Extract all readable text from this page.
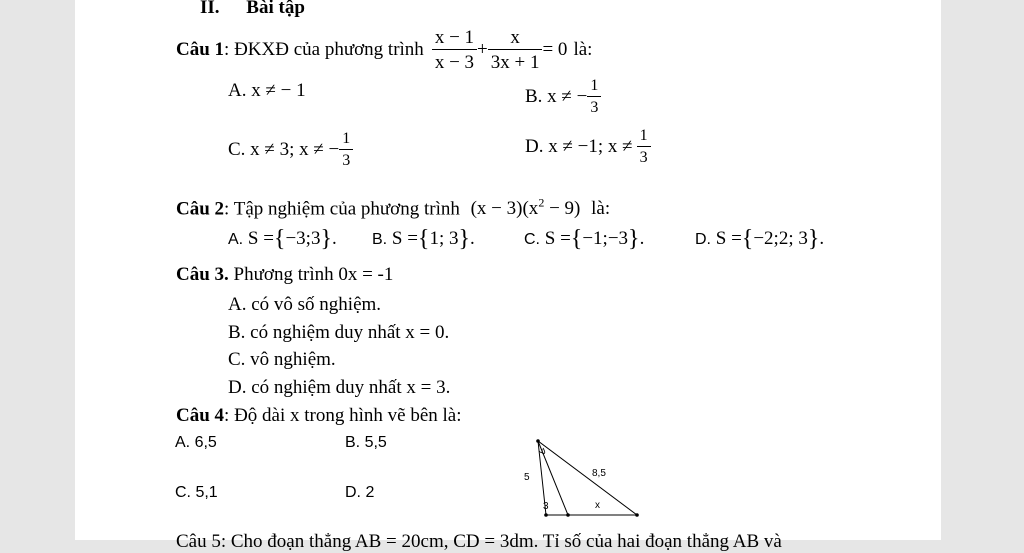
II. Bài tập
Câu 1 : ĐKXĐ của phương trình $\frac{x - 1}{x - 3} + \frac{x}{3x + 1} = 0$ là:
A. x ≠ − 1	B. x ≠ − $\frac{1}{3}$
C. x ≠ 3; x ≠ − $\frac{1}{3}$	D. x ≠ −1; $x \ne \frac{1}{3}$
Câu 2: Tập nghiệm của phương trình $(x - 3)(x^2 - 9)$ là:
A. S ={−3;3}. B. S ={1; 3}.	C. S ={−1;−3}.	D. S ={−2;2; 3}.
Câu 3. Phương trình 0x = -1
A. có vô số nghiệm.
B. có nghiệm duy nhất x = 0.
C. vô nghiệm.
D. có nghiệm duy nhất x = 3.
Câu 4: Độ dài x trong hình vẽ bên là:
A. 6,5	B. 5,5
C. 5,1	D. 2
5	8,5
3	x
Câu 5: Cho đoạn thẳng AB = 20cm, CD = 3dm. Tỉ số của hai đoạn thẳng AB và
